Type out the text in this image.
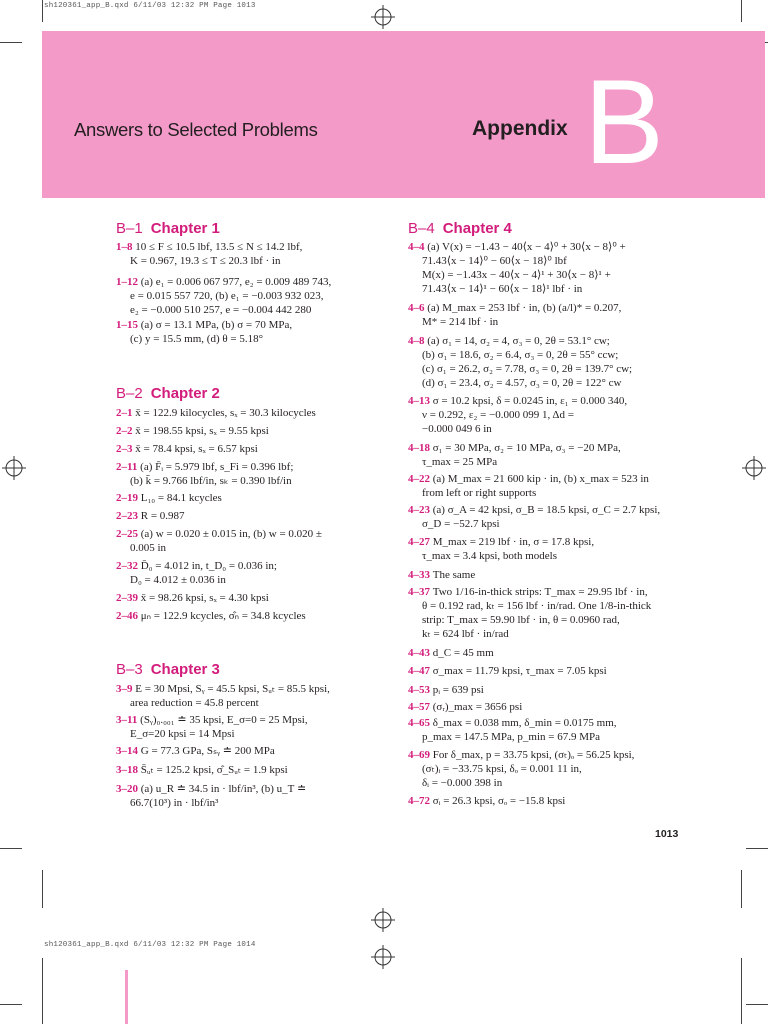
sh120361_app_B.qxd 6/11/03 12:32 PM Page 1013
sh120361_app_B.qxd 6/11/03 12:32 PM Page 1014
Answers to Selected Problems	Appendix B
B–1 Chapter 1
B–2 Chapter 2
B–3 Chapter 3
B–4 Chapter 4
1–8 10 ≤ F ≤ 10.5 lbf, 13.5 ≤ N ≤ 14.2 lbf,
K = 0.967, 19.3 ≤ T ≤ 20.3 lbf · in
1–12 (a) e₁ = 0.006 067 977, e₂ = 0.009 489 743,
e = 0.015 557 720, (b) e₁ = −0.003 932 023,
e₂ = −0.000 510 257, e = −0.004 442 280
1–15 (a) σ = 13.1 MPa, (b) σ = 70 MPa,
(c) y = 15.5 mm, (d) θ = 5.18°
2–1 x̄ = 122.9 kilocycles, sₓ = 30.3 kilocycles
2–2 x̄ = 198.55 kpsi, sₓ = 9.55 kpsi
2–3 x̄ = 78.4 kpsi, sₓ = 6.57 kpsi
2–11 (a) F̄ᵢ = 5.979 lbf, s_Fi = 0.396 lbf;
(b) k̄ = 9.766 lbf/in, sₖ = 0.390 lbf/in
2–19 L₁₀ = 84.1 kcycles
2–23 R = 0.987
2–25 (a) w = 0.020 ± 0.015 in, (b) w = 0.020 ±
0.005 in
2–32 D̄₀ = 4.012 in, t_D₀ = 0.036 in;
D₀ = 4.012 ± 0.036 in
2–39 x̄ = 98.26 kpsi, sₓ = 4.30 kpsi
2–46 μₙ = 122.9 kcycles, σ̂ₙ = 34.8 kcycles
3–9 E = 30 Mpsi, Sᵧ = 45.5 kpsi, Sᵤₜ = 85.5 kpsi,
area reduction = 45.8 percent
3–11 (Sᵧ)₀.₀₀₁ ≐ 35 kpsi, E_σ=0 = 25 Mpsi,
E_σ=20 kpsi = 14 Mpsi
3–14 G = 77.3 GPa, Sₛᵧ ≐ 200 MPa
3–18 S̄ᵤₜ = 125.2 kpsi, σ̂_Sᵤₜ = 1.9 kpsi
3–20 (a) u_R ≐ 34.5 in · lbf/in³, (b) u_T ≐
66.7(10³) in · lbf/in³
4–4 (a) V(x) = −1.43 − 40⟨x − 4⟩⁰ + 30⟨x − 8⟩⁰ +
71.43⟨x − 14⟩⁰ − 60⟨x − 18⟩⁰ lbf
M(x) = −1.43x − 40⟨x − 4⟩¹ + 30⟨x − 8⟩¹ +
71.43⟨x − 14⟩¹ − 60⟨x − 18⟩¹ lbf · in
4–6 (a) M_max = 253 lbf · in, (b) (a/l)* = 0.207,
M* = 214 lbf · in
4–8 (a) σ₁ = 14, σ₂ = 4, σ₃ = 0, 2θ = 53.1° cw;
(b) σ₁ = 18.6, σ₂ = 6.4, σ₃ = 0, 2θ = 55° ccw;
(c) σ₁ = 26.2, σ₂ = 7.78, σ₃ = 0, 2θ = 139.7° cw;
(d) σ₁ = 23.4, σ₂ = 4.57, σ₃ = 0, 2θ = 122° cw
4–13 σ = 10.2 kpsi, δ = 0.0245 in, ε₁ = 0.000 340,
ν = 0.292, ε₂ = −0.000 099 1, Δd =
−0.000 049 6 in
4–18 σ₁ = 30 MPa, σ₂ = 10 MPa, σ₃ = −20 MPa,
τ_max = 25 MPa
4–22 (a) M_max = 21 600 kip · in, (b) x_max = 523 in
from left or right supports
4–23 (a) σ_A = 42 kpsi, σ_B = 18.5 kpsi, σ_C = 2.7 kpsi,
σ_D = −52.7 kpsi
4–27 M_max = 219 lbf · in, σ = 17.8 kpsi,
τ_max = 3.4 kpsi, both models
4–33 The same
4–37 Two 1/16-in-thick strips: T_max = 29.95 lbf · in,
θ = 0.192 rad, kₜ = 156 lbf · in/rad. One 1/8-in-thick
strip: T_max = 59.90 lbf · in, θ = 0.0960 rad,
kₜ = 624 lbf · in/rad
4–43 d_C = 45 mm
4–47 σ_max = 11.79 kpsi, τ_max = 7.05 kpsi
4–53 pᵢ = 639 psi
4–57 (σᵣ)_max = 3656 psi
4–65 δ_max = 0.038 mm, δ_min = 0.0175 mm,
p_max = 147.5 MPa, p_min = 67.9 MPa
4–69 For δ_max, p = 33.75 kpsi, (σₜ)ₒ = 56.25 kpsi,
(σₜ)ᵢ = −33.75 kpsi, δₒ = 0.001 11 in,
δᵢ = −0.000 398 in
4–72 σᵢ = 26.3 kpsi, σₒ = −15.8 kpsi
1013
